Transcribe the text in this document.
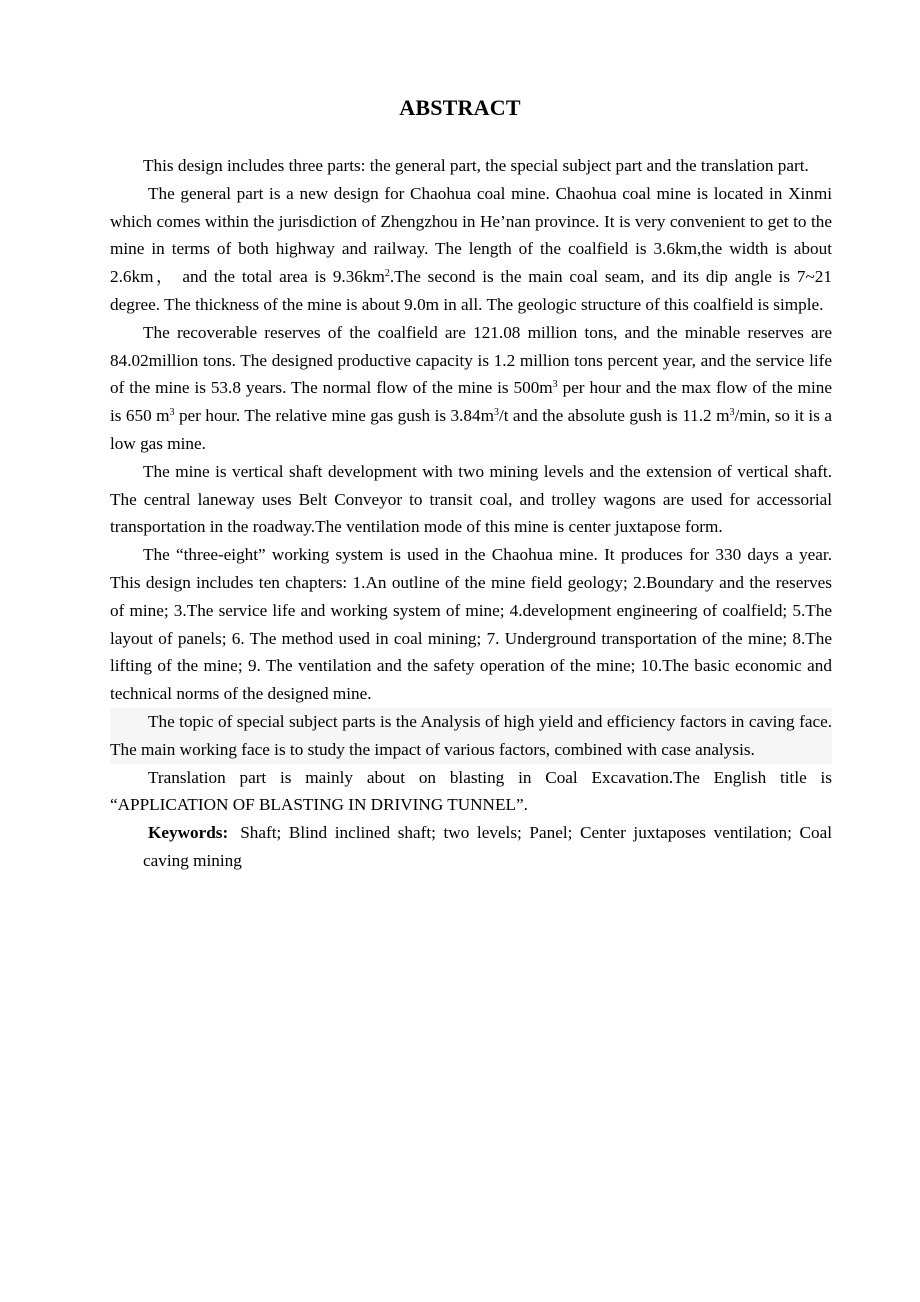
ABSTRACT

This design includes three parts: the general part, the special subject part and the translation part.

The general part is a new design for Chaohua coal mine. Chaohua coal mine is located in Xinmi which comes within the jurisdiction of Zhengzhou in He’nan province. It is very convenient to get to the mine in terms of both highway and railway. The length of the coalfield is 3.6km,the width is about 2.6km， and the total area is $9.36km^2.The$ second is the main coal seam, and its dip angle is 7~21 degree. The thickness of the mine is about 9.0m in all. The geologic structure of this coalfield is simple.

The recoverable reserves of the coalfield are 121.08 million tons, and the minable reserves are 84.02million tons. The designed productive capacity is 1.2 million tons percent year, and the service life of the mine is 53.8 years. The normal flow of the mine is $500m^3$ per hour and the max flow of the mine is 650 $m^3$ per hour. The relative mine gas gush is $3.84m^3/t$ and the absolute gush is 11.2 $m^3/\min$, so it is a low gas mine.

The mine is vertical shaft development with two mining levels and the extension of vertical shaft. The central laneway uses Belt Conveyor to transit coal, and trolley wagons are used for accessorial transportation in the roadway.The ventilation mode of this mine is center juxtapose form.

The “three-eight” working system is used in the Chaohua mine. It produces for 330 days a year. This design includes ten chapters: 1.An outline of the mine field geology; 2.Boundary and the reserves of mine; 3.The service life and working system of mine; 4.development engineering of coalfield; 5.The layout of panels; 6. The method used in coal mining; 7. Underground transportation of the mine; 8.The lifting of the mine; 9. The ventilation and the safety operation of the mine; 10.The basic economic and technical norms of the designed mine.

The topic of special subject parts is the Analysis of high yield and efficiency factors in caving face. The main working face is to study the impact of various factors, combined with case analysis.

Translation part is mainly about on blasting in Coal Excavation.The English title is “APPLICATION OF BLASTING IN DRIVING TUNNEL”.

Keywords: Shaft; Blind inclined shaft; two levels; Panel; Center juxtaposes ventilation; Coal caving mining
